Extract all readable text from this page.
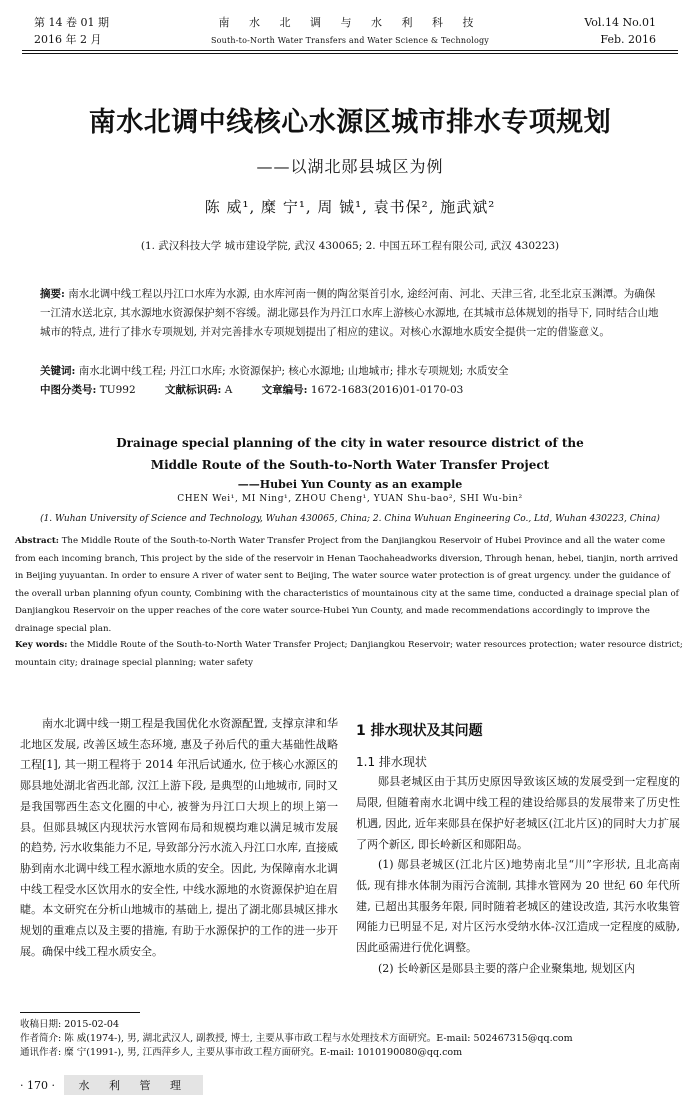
第 14 卷 01 期
2016 年 2 月
南 水 北 调 与 水 利 科 技
South-to-North Water Transfers and Water Science & Technology
Vol.14 No.01
Feb. 2016
南水北调中线核心水源区城市排水专项规划
——以湖北郧县城区为例
陈 威¹, 糜 宁¹, 周 铖¹, 袁书保², 施武斌²
(1. 武汉科技大学 城市建设学院, 武汉 430065; 2. 中国五环工程有限公司, 武汉 430223)
摘要: 南水北调中线工程以丹江口水库为水源, 由水库河南一侧的陶岔渠首引水, 途经河南、河北、天津三省, 北至北京玉渊潭。为确保一江清水送北京, 其水源地水资源保护刻不容缓。湖北郧县作为丹江口水库上游核心水源地, 在其城市总体规划的指导下, 同时结合山地城市的特点, 进行了排水专项规划, 并对完善排水专项规划提出了相应的建议。对核心水源地水质安全提供一定的借鉴意义。
关键词: 南水北调中线工程; 丹江口水库; 水资源保护; 核心水源地; 山地城市; 排水专项规划; 水质安全
中图分类号: TU992	文献标识码: A	文章编号: 1672-1683(2016)01-0170-03
Drainage special planning of the city in water resource district of the
Middle Route of the South-to-North Water Transfer Project
——Hubei Yun County as an example
CHEN Wei¹, MI Ning¹, ZHOU Cheng¹, YUAN Shu-bao², SHI Wu-bin²
(1. Wuhan University of Science and Technology, Wuhan 430065, China; 2. China Wuhuan Engineering Co., Ltd, Wuhan 430223, China)
Abstract: The Middle Route of the South-to-North Water Transfer Project from the Danjiangkou Reservoir of Hubei Province and all the water come from each incoming branch, This project by the side of the reservoir in Henan Taochaheadworks diversion, Through henan, hebei, tianjin, north arrived in Beijing yuyuantan. In order to ensure A river of water sent to Beijing, The water source water protection is of great urgency. under the guidance of the overall urban planning ofyun county, Combining with the characteristics of mountainous city at the same time, conducted a drainage special plan of Danjiangkou Reservoir on the upper reaches of the core water source-Hubei Yun County, and made recommendations accordingly to improve the drainage special plan.
Key words: the Middle Route of the South-to-North Water Transfer Project; Danjiangkou Reservoir; water resources protection; water resource district; mountain city; drainage special planning; water safety

南水北调中线一期工程是我国优化水资源配置, 支撑京津和华北地区发展, 改善区域生态环境, 惠及子孙后代的重大基础性战略工程[1], 其一期工程将于 2014 年汛后试通水, 位于核心水源区的郧县地处湖北省西北部, 汉江上游下段, 是典型的山地城市, 同时又是我国鄂西生态文化圈的中心, 被誉为丹江口大坝上的坝上第一县。但郧县城区内现状污水管网布局和规模均难以满足城市发展的趋势, 污水收集能力不足, 导致部分污水流入丹江口水库, 直接威胁到南水北调中线工程水源地水质的安全。因此, 为保障南水北调中线工程受水区饮用水的安全性, 中线水源地的水资源保护迫在眉睫。本文研究在分析山地城市的基础上, 提出了湖北郧县城区排水规划的重难点以及主要的措施, 有助于水源保护的工作的进一步开展。确保中线工程水质安全。

1 排水现状及其问题
1.1 排水现状

郧县老城区由于其历史原因导致该区域的发展受到一定程度的局限, 但随着南水北调中线工程的建设给郧县的发展带来了历史性机遇, 因此, 近年来郧县在保护好老城区(江北片区)的同时大力扩展了两个新区, 即长岭新区和郧阳岛。

(1) 郧县老城区(江北片区)地势南北呈“川”字形状, 且北高南低, 现有排水体制为雨污合流制, 其排水管网为 20 世纪 60 年代所建, 已超出其服务年限, 同时随着老城区的建设改造, 其污水收集管网能力已明显不足, 对片区污水受纳水体-汉江造成一定程度的威胁, 因此亟需进行优化调整。

(2) 长岭新区是郧县主要的落户企业聚集地, 规划区内

收稿日期: 2015-02-04
作者简介: 陈 威(1974-), 男, 湖北武汉人, 副教授, 博士, 主要从事市政工程与水处理技术方面研究。E-mail: 502467315@qq.com
通讯作者: 糜 宁(1991-), 男, 江西萍乡人, 主要从事市政工程方面研究。E-mail: 1010190080@qq.com
· 170 · 水 利 管 理
